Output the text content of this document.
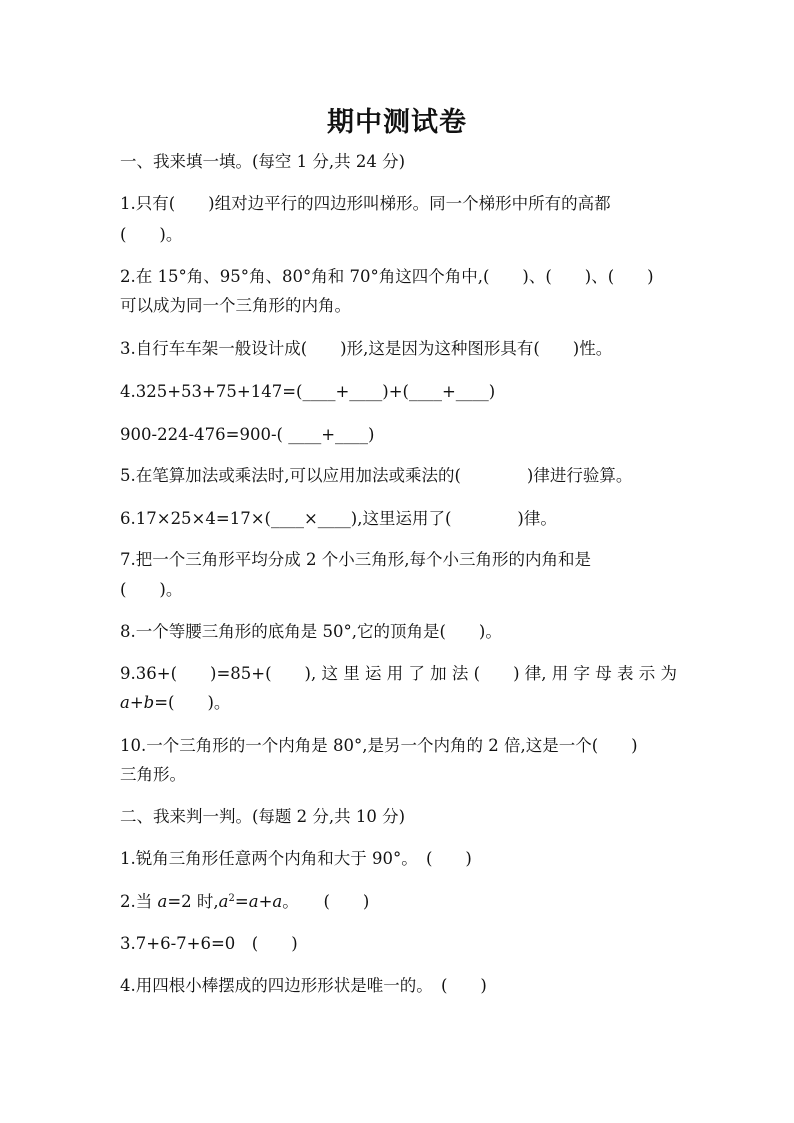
期中测试卷
一、我来填一填。(每空 1 分,共 24 分)
1.只有(　　)组对边平行的四边形叫梯形。同一个梯形中所有的高都
(　　)。
2.在 15°角、95°角、80°角和 70°角这四个角中,(　　)、(　　)、(　　)
可以成为同一个三角形的内角。
3.自行车车架一般设计成(　　)形,这是因为这种图形具有(　　)性。
4.325+53+75+147=(____+____)+(____+____)
900-224-476=900-( ____+____)
5.在笔算加法或乘法时,可以应用加法或乘法的(　　　　)律进行验算。
6.17×25×4=17×(____×____),这里运用了(　　　　)律。
7.把一个三角形平均分成 2 个小三角形,每个小三角形的内角和是
(　　)。
8.一个等腰三角形的底角是 50°,它的顶角是(　　)。
9.36+(　　)=85+(　　), 这 里 运 用 了 加 法 (　　) 律, 用 字 母 表 示 为
a+b=(　　)。
10.一个三角形的一个内角是 80°,是另一个内角的 2 倍,这是一个(　　)
三角形。
二、我来判一判。(每题 2 分,共 10 分)
1.锐角三角形任意两个内角和大于 90°。　(　　)
2.当 a=2 时$,a^2=a+a$。　　(　　)
3.7+6-7+6=0　(　　)
4.用四根小棒摆成的四边形形状是唯一的。　(　　)
